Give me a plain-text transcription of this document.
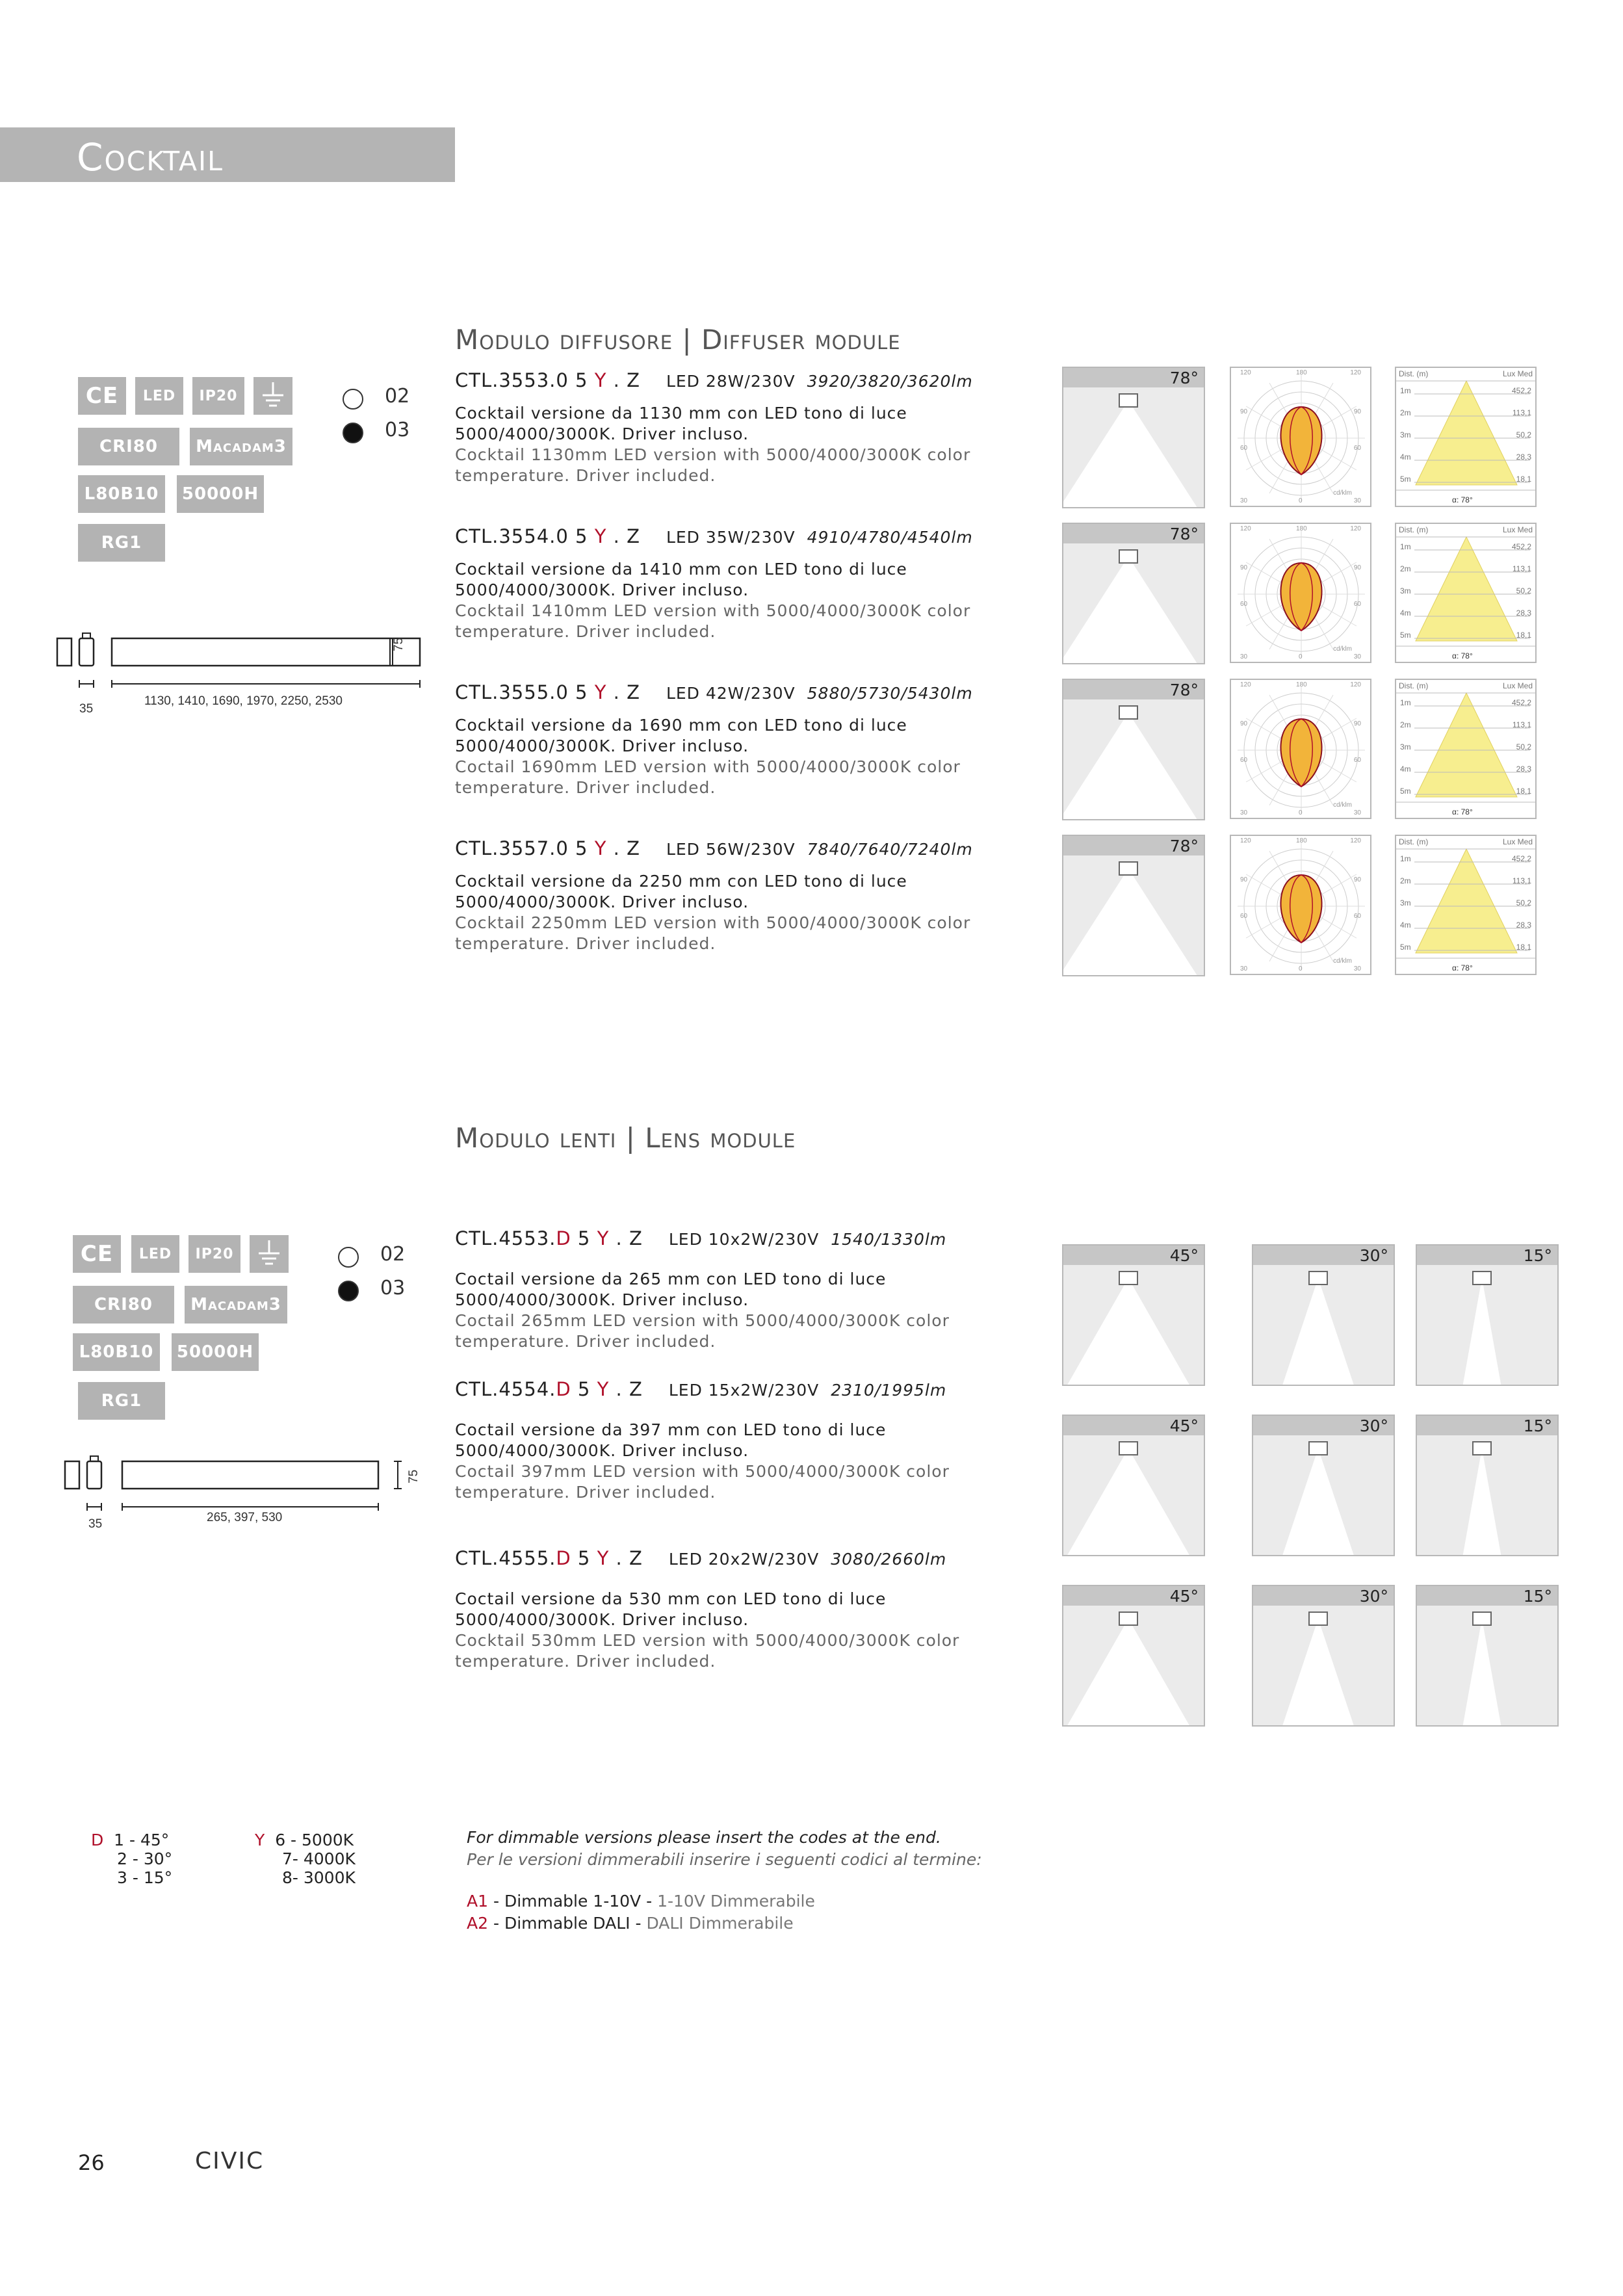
Cocktail
Modulo diffusore | Diffuser module
Modulo lenti | Lens module
CE	LED	IP20
CRI80	Macadam3
L80B10	50000H
RG1
02
03
75
35
1130, 1410, 1690, 1970, 2250, 2530
CE	LED	IP20
CRI80	Macadam3
L80B10	50000H
RG1
02
03
75
35	265, 397, 530
CTL.3553.0 5 Y . Z LED 28W/230V 3920/3820/3620lm
Cocktail versione da 1130 mm con LED tono di luce 5000/4000/3000K. Driver incluso.
Cocktail 1130mm LED version with 5000/4000/3000K color temperature. Driver included.
78°	120	180	120
90	90
60	60
30	0	30
cd/klm
Dist. (m)	Lux Med
1m	452,2
2m	113,1
3m	50,2
4m	28,3
5m	18,1
α: 78°
CTL.3554.0 5 Y . Z LED 35W/230V 4910/4780/4540lm
Cocktail versione da 1410 mm con LED tono di luce 5000/4000/3000K. Driver incluso.
Cocktail 1410mm LED version with 5000/4000/3000K color temperature. Driver included.
78°	120	180	120
90	90
60	60
30	0	30
cd/klm
Dist. (m)	Lux Med
1m	452,2
2m	113,1
3m	50,2
4m	28,3
5m	18,1
α: 78°
CTL.3555.0 5 Y . Z LED 42W/230V 5880/5730/5430lm
Cocktail versione da 1690 mm con LED tono di luce 5000/4000/3000K. Driver incluso.
Coctail 1690mm LED version with 5000/4000/3000K color temperature. Driver included.
78°	120	180	120
90	90
60	60
30	0	30
cd/klm
Dist. (m)	Lux Med
1m	452,2
2m	113,1
3m	50,2
4m	28,3
5m	18,1
α: 78°
CTL.3557.0 5 Y . Z LED 56W/230V 7840/7640/7240lm
Cocktail versione da 2250 mm con LED tono di luce 5000/4000/3000K. Driver incluso.
Cocktail 2250mm LED version with 5000/4000/3000K color temperature. Driver included.
78°	120	180	120
90	90
60	60
30	0	30
cd/klm
Dist. (m)	Lux Med
1m	452,2
2m	113,1
3m	50,2
4m	28,3
5m	18,1
α: 78°
CTL.4553.D 5 Y . Z LED 10x2W/230V 1540/1330lm
Coctail versione da 265 mm con LED tono di luce 5000/4000/3000K. Driver incluso.
Coctail 265mm LED version with 5000/4000/3000K color temperature. Driver included.
45°	30°	15°
CTL.4554.D 5 Y . Z LED 15x2W/230V 2310/1995lm
Coctail versione da 397 mm con LED tono di luce 5000/4000/3000K. Driver incluso.
Coctail 397mm LED version with 5000/4000/3000K color temperature. Driver included.
45°	30°	15°
CTL.4555.D 5 Y . Z LED 20x2W/230V 3080/2660lm
Coctail versione da 530 mm con LED tono di luce 5000/4000/3000K. Driver incluso.
Cocktail 530mm LED version with 5000/4000/3000K color temperature. Driver included.
45°	30°	15°
D 1 - 45°
2 - 30°
3 - 15°
Y 6 - 5000K
7- 4000K
8- 3000K
For dimmable versions please insert the codes at the end.
Per le versioni dimmerabili inserire i seguenti codici al termine:
A1 - Dimmable 1-10V - 1-10V Dimmerabile
A2 - Dimmable DALI - DALI Dimmerabile
26	CIVIC
